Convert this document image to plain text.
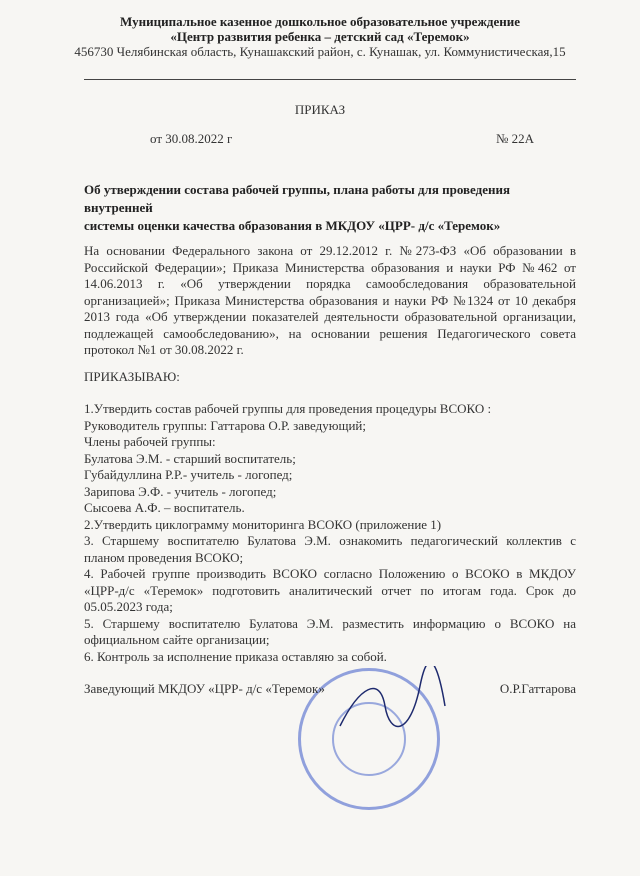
Муниципальное казенное дошкольное образовательное учреждение
«Центр развития ребенка – детский сад «Теремок»
456730 Челябинская область, Кунашакский район, с. Кунашак, ул. Коммунистическая,15
ПРИКАЗ
от 30.08.2022 г	№ 22А
Об утверждении состава рабочей группы, плана работы для проведения внутренней
системы оценки качества образования в МКДОУ «ЦРР- д/с «Теремок»
На основании Федерального закона от 29.12.2012 г. №273-ФЗ «Об образовании в Российской Федерации»; Приказа Министерства образования и науки РФ №462 от 14.06.2013 г. «Об утверждении порядка самообследования образовательной организацией»; Приказа Министерства образования и науки РФ №1324 от 10 декабря 2013 года «Об утверждении показателей деятельности образовательной организации, подлежащей самообследованию», на основании решения Педагогического совета протокол №1 от 30.08.2022 г.
ПРИКАЗЫВАЮ:
1.Утвердить состав рабочей группы для проведения процедуры ВСОКО :
Руководитель группы: Гаттарова О.Р. заведующий;
Члены рабочей группы:
Булатова Э.М. - старший воспитатель;
Губайдуллина Р.Р.- учитель - логопед;
Зарипова Э.Ф. - учитель - логопед;
Сысоева А.Ф. – воспитатель.
2.Утвердить циклограмму мониторинга ВСОКО (приложение 1)
3. Старшему воспитателю Булатова Э.М. ознакомить педагогический коллектив с планом проведения ВСОКО;
4. Рабочей группе производить ВСОКО согласно Положению о ВСОКО в МКДОУ «ЦРР-д/с «Теремок» подготовить аналитический отчет по итогам года. Срок до 05.05.2023 года;
5. Старшему воспитателю Булатова Э.М. разместить информацию о ВСОКО на официальном сайте организации;
6. Контроль за исполнение приказа оставляю за собой.
Заведующий МКДОУ «ЦРР- д/с «Теремок»	О.Р.Гаттарова
